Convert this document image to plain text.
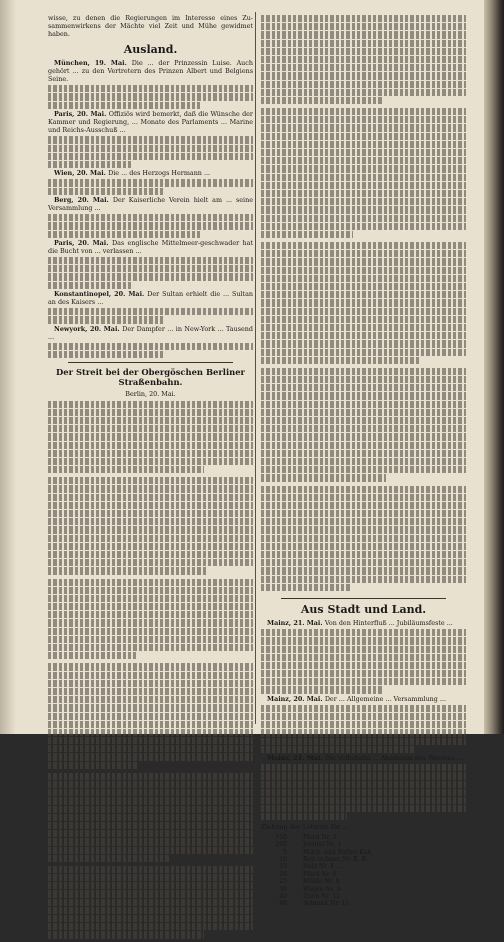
wisse, zu denen die Regierungen im Interesse eines Zu-sammenwirkens der Mächte viel Zeit und Mühe gewidmet haben.

Ausland.

München, 19. Mai. Die ... der Prinzessin Luise. Auch gehört ... zu den Vertretern des Prinzen Albert und Belgiens Seine.

Paris, 20. Mai. Offiziös wird bemerkt, daß die Wünsche der Kammer und Regierung, ... Monate des Parlaments ... Marine und Reichs-Ausschuß ...

Wien, 20. Mai. Die ... des Herzogs Hermann ...

Berg, 20. Mai. Der Kaiserliche Verein hielt am ... seine Versammlung ...

Paris, 20. Mai. Das englische Mittelmeer-geschwader hat die Bucht von ... verlassen ...

Konstantinopel, 20. Mai. Der Sultan erhielt die ... Sultan an des Kaisers ...

Newyork, 20. Mai. Der Dampfer ... in New-York ... Tausend ...

Der Streit bei der Obergöschen Berliner Straßenbahn.
Berlin, 20. Mai.
Aus Stadt und Land.

Mainz, 21. Mai. Von den Hinterfluß ... Jubiläumsfeste ...

Mainz, 20. Mai. Der ... Allgemeine ... Versammlung ...

Mainz, 21. Mai. Die Volkshalle ... Akademie des Westens ...

Ziehung der Lotterie für ...
150		Pferd Nr. 5
200		Juchtel Nr. 1
5		Milch- und Butter-Kuh
10		Reit Ochsen Nr. K. R.
15		Holz Nr. 4 ...
20		Pferd Nr. 6
25		Mühle Nr. 8
30		Wagen Nr. 9
40		Tisch Nr. 12
60		Schrank Nr. 15
